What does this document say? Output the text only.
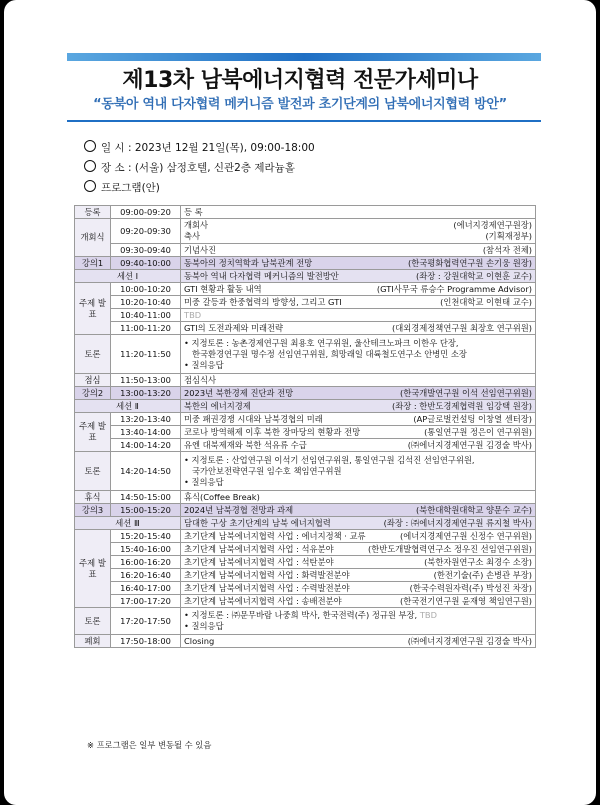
제13차 남북에너지협력 전문가세미나
“동북아 역내 다자협력 메커니즘 발전과 초기단계의 남북에너지협력 방안”
일 시 : 2023년 12월 21일(목), 09:00-18:00
장 소 : (서울) 삼정호텔, 신관2층 제라늄홀
프로그램(안)
등록	09:00-09:20	등 록
개회식	09:20-09:30	개회사 (에너지경제연구원장)
축사 (기획재정부)

	09:30-09:40	기념사진 (참석자 전체)

강의1	09:40-10:00	동북아의 정치역학과 남북관계 전망 (한국평화협력연구원 손기웅 원장)

세션 Ⅰ		동북아 역내 다자협력 메커니즘의 발전방안 (좌장 : 강원대학교 이현훈 교수)

주제 발표	10:00-10:20	GTI 현황과 활동 내역 (GTI사무국 류승수 Programme Advisor)

	10:20-10:40	미중 갈등과 한중협력의 방향성, 그리고 GTI (인천대학교 이현태 교수)

	10:40-11:00	TBD
	11:00-11:20	GTI의 도전과제와 미래전략 (대외경제정책연구원 최장호 연구위원)

토론	11:20-11:50	• 지정토론 : 농촌경제연구원 최용호 연구위원, 울산테크노파크 이한우 단장,
한국환경연구원 명수정 선임연구위원, 희망래일 대륙철도연구소 안병민 소장
• 질의응답

점심	11:50-13:00	점심식사
강의2	13:00-13:20	2023년 북한경제 진단과 전망 (한국개발연구원 이석 선임연구위원)

세션 Ⅱ		북한의 에너지경제 (좌장 : 한반도경제협력원 임강택 원장)

주제 발표	13:20-13:40	미중 패권경쟁 시대와 남북경협의 미래 (AP글로벌컨설팅 이창열 센터장)

	13:40-14:00	코로나 방역해제 이후 북한 장마당의 현황과 전망 (통일연구원 정은이 연구위원)

	14:00-14:20	유엔 대북제재와 북한 석유류 수급 (㈜에너지경제연구원 김경술 박사)

토론	14:20-14:50	• 지정토론 : 산업연구원 이석기 선임연구위원, 통일연구원 김석진 선임연구위원,
국가안보전략연구원 임수호 책임연구위원
• 질의응답

휴식	14:50-15:00	휴식(Coffee Break)
강의3	15:00-15:20	2024년 남북경협 전망과 과제 (북한대학원대학교 양문수 교수)

세션 Ⅲ		담대한 구상 초기단계의 남북 에너지협력 (좌장 : ㈜에너지경제연구원 류지철 박사)

주제 발표	15:20-15:40	초기단계 남북에너지협력 사업 : 에너지정책 · 교류 (에너지경제연구원 신정수 연구위원)

	15:40-16:00	초기단계 남북에너지협력 사업 : 석유분야 (한반도개발협력연구소 정우진 선임연구위원)

	16:00-16:20	초기단계 남북에너지협력 사업 : 석탄분야 (북한자원연구소 최경수 소장)

	16:20-16:40	초기단계 남북에너지협력 사업 : 화력발전분야 (한전기술(주) 손병관 부장)

	16:40-17:00	초기단계 남북에너지협력 사업 : 수력발전분야 (한국수력원자력(주) 박성진 차장)

	17:00-17:20	초기단계 남북에너지협력 사업 : 송배전분야 (한국전기연구원 윤재영 책임연구원)

토론	17:20-17:50	• 지정토론 : ㈜문무바람 나중희 박사, 한국전력(주) 정규원 부장, TBD
• 질의응답

폐회	17:50-18:00	Closing (㈜에너지경제연구원 김경술 박사)
※ 프로그램은 일부 변동될 수 있음
